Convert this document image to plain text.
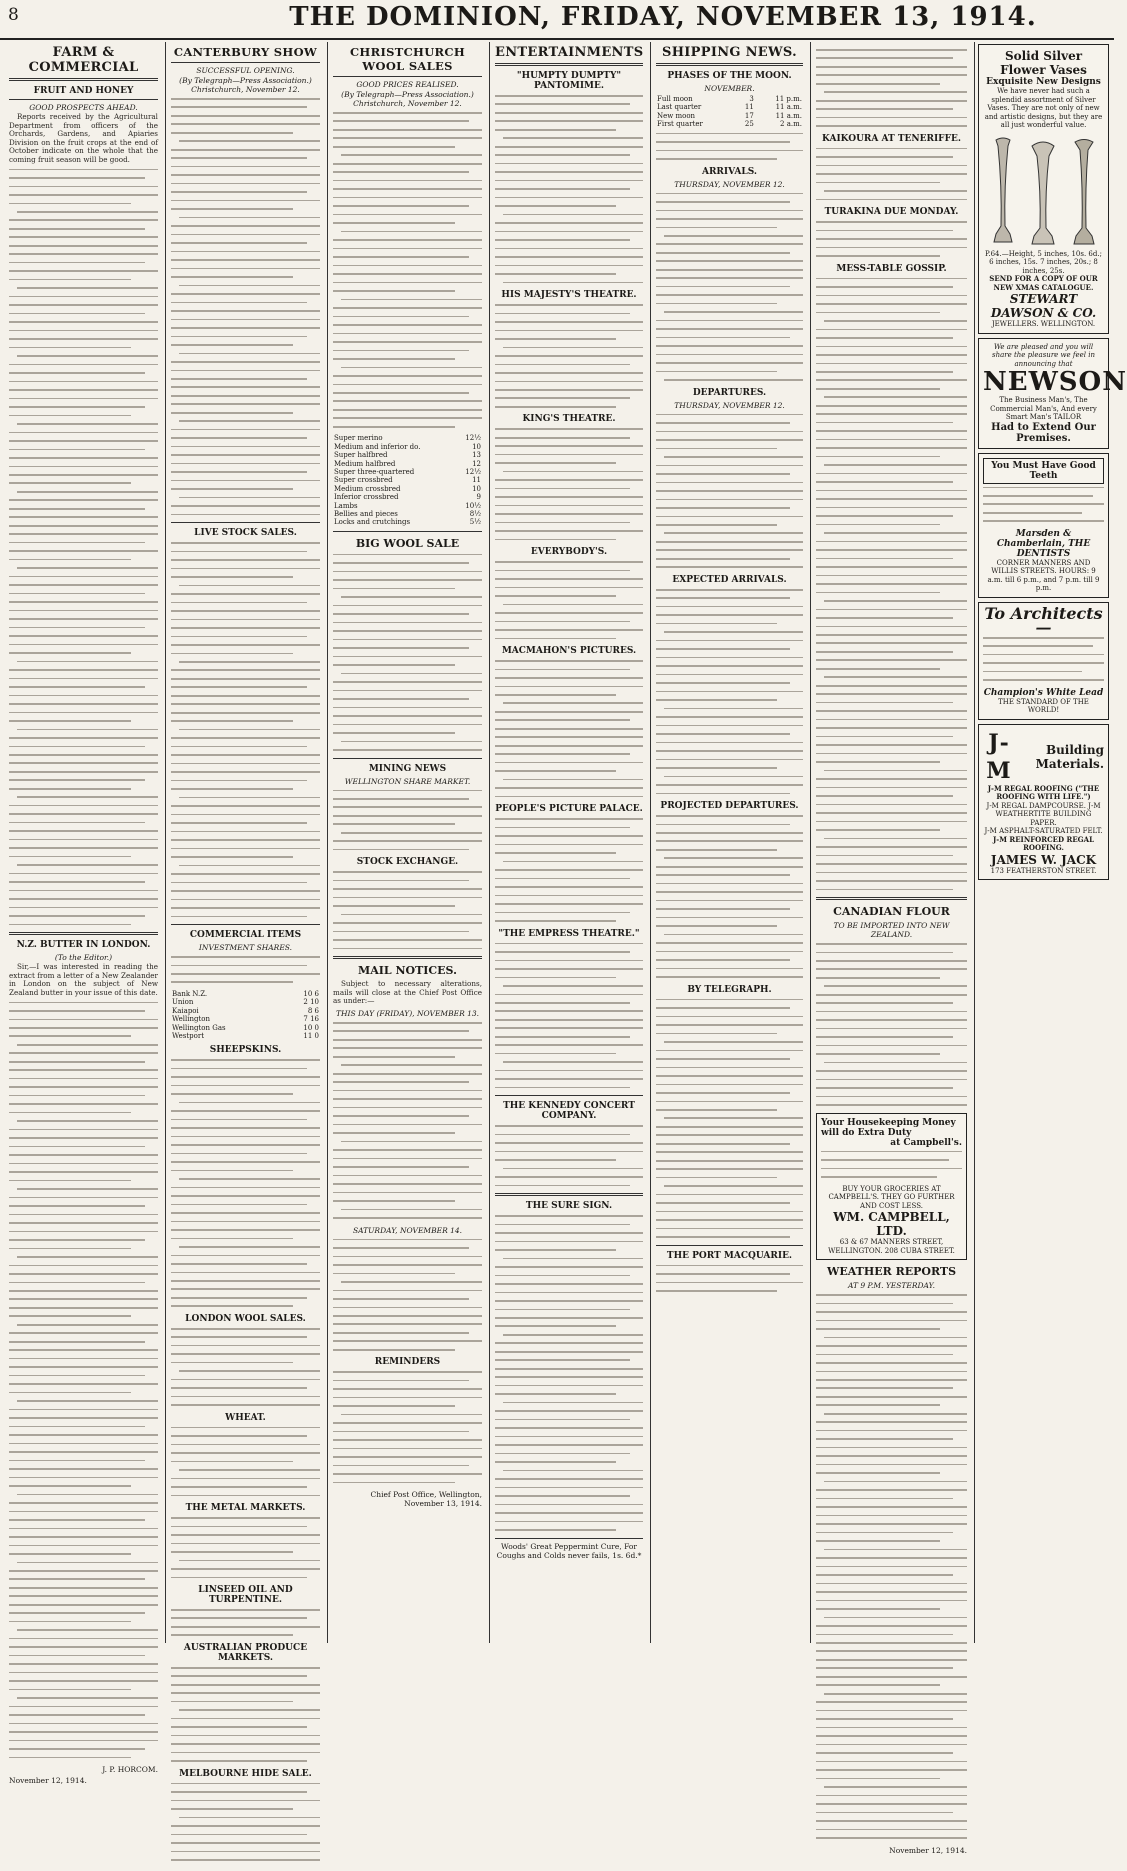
8	THE DOMINION, FRIDAY, NOVEMBER 13, 1914.
FARM & COMMERCIAL
FRUIT AND HONEY
GOOD PROSPECTS AHEAD.

Reports received by the Agricultural Department from officers of the Orchards, Gardens, and Apiaries Division on the fruit crops at the end of October indicate on the whole that the coming fruit season will be good.

N.Z. BUTTER IN LONDON.
(To the Editor.)

Sir,—I was interested in reading the extract from a letter of a New Zealander in London on the subject of New Zealand butter in your issue of this date.

J. P. HORCOM.
November 12, 1914.
CANTERBURY SHOW
SUCCESSFUL OPENING.
(By Telegraph—Press Association.) Christchurch, November 12.
LIVE STOCK SALES.
COMMERCIAL ITEMS
INVESTMENT SHARES.
Bank N.Z.	10 6
Union	2 10
Kaiapoi	8 6
Wellington	7 16
Wellington Gas	10 0
Westport	11 0
SHEEPSKINS.
LONDON WOOL SALES.
WHEAT.
THE METAL MARKETS.
LINSEED OIL AND TURPENTINE.
AUSTRALIAN PRODUCE MARKETS.
MELBOURNE HIDE SALE.
CHRISTCHURCH WOOL SALES
GOOD PRICES REALISED.
(By Telegraph—Press Association.) Christchurch, November 12.
Super merino	12½
Medium and inferior do.	10
Super halfbred	13
Medium halfbred	12
Super three-quartered	12½
Super crossbred	11
Medium crossbred	10
Inferior crossbred	9
Lambs	10½
Bellies and pieces	8½
Locks and crutchings	5½
BIG WOOL SALE
MINING NEWS
WELLINGTON SHARE MARKET.
STOCK EXCHANGE.
MAIL NOTICES.

Subject to necessary alterations, mails will close at the Chief Post Office as under:—

THIS DAY (FRIDAY), NOVEMBER 13.
SATURDAY, NOVEMBER 14.
REMINDERS
Chief Post Office, Wellington, November 13, 1914.
ENTERTAINMENTS
"HUMPTY DUMPTY" PANTOMIME.
HIS MAJESTY'S THEATRE.
KING'S THEATRE.
EVERYBODY'S.
MACMAHON'S PICTURES.
PEOPLE'S PICTURE PALACE.
"THE EMPRESS THEATRE."
THE KENNEDY CONCERT COMPANY.
THE SURE SIGN.
Woods' Great Peppermint Cure, For Coughs and Colds never fails, 1s. 6d.*
SHIPPING NEWS.
PHASES OF THE MOON.
NOVEMBER.
Full moon	3	11 p.m.
Last quarter	11	11 a.m.
New moon	17	11 a.m.
First quarter	25	2 a.m.
ARRIVALS.
THURSDAY, NOVEMBER 12.
DEPARTURES.
THURSDAY, NOVEMBER 12.
EXPECTED ARRIVALS.
PROJECTED DEPARTURES.
BY TELEGRAPH.
THE PORT MACQUARIE.
KAIKOURA AT TENERIFFE.
TURAKINA DUE MONDAY.
MESS-TABLE GOSSIP.
CANADIAN FLOUR
TO BE IMPORTED INTO NEW ZEALAND.
Your Housekeeping Money will do Extra Duty
at Campbell's.
BUY YOUR GROCERIES AT CAMPBELL'S. THEY GO FURTHER AND COST LESS.
WM. CAMPBELL, LTD.
63 & 67 MANNERS STREET, WELLINGTON. 208 CUBA STREET.
WEATHER REPORTS
AT 9 P.M. YESTERDAY.
November 12, 1914.
Solid Silver Flower Vases
Exquisite New Designs
We have never had such a splendid assortment of Silver Vases. They are not only of new and artistic designs, but they are all just wonderful value.
P.64.—Height, 5 inches, 10s. 6d.; 6 inches, 15s. 7 inches, 20s.; 8 inches, 25s.
SEND FOR A COPY OF OUR NEW XMAS CATALOGUE.
STEWART DAWSON & CO.
JEWELLERS. WELLINGTON.
We are pleased and you will share the pleasure we feel in announcing that
NEWSON
The Business Man's, The Commercial Man's, And every Smart Man's TAILOR
Had to Extend Our Premises.
You Must Have Good Teeth
Marsden & Chamberlain, THE DENTISTS
CORNER MANNERS AND WILLIS STREETS. HOURS: 9 a.m. till 6 p.m., and 7 p.m. till 9 p.m.
To Architects—
Champion's White Lead
THE STANDARD OF THE WORLD!
J-M
Building Materials.
J-M REGAL ROOFING ("THE ROOFING WITH LIFE.")
J-M REGAL DAMPCOURSE. J-M WEATHERTITE BUILDING PAPER.
J-M ASPHALT-SATURATED FELT.
J-M REINFORCED REGAL ROOFING.
JAMES W. JACK
173 FEATHERSTON STREET.
